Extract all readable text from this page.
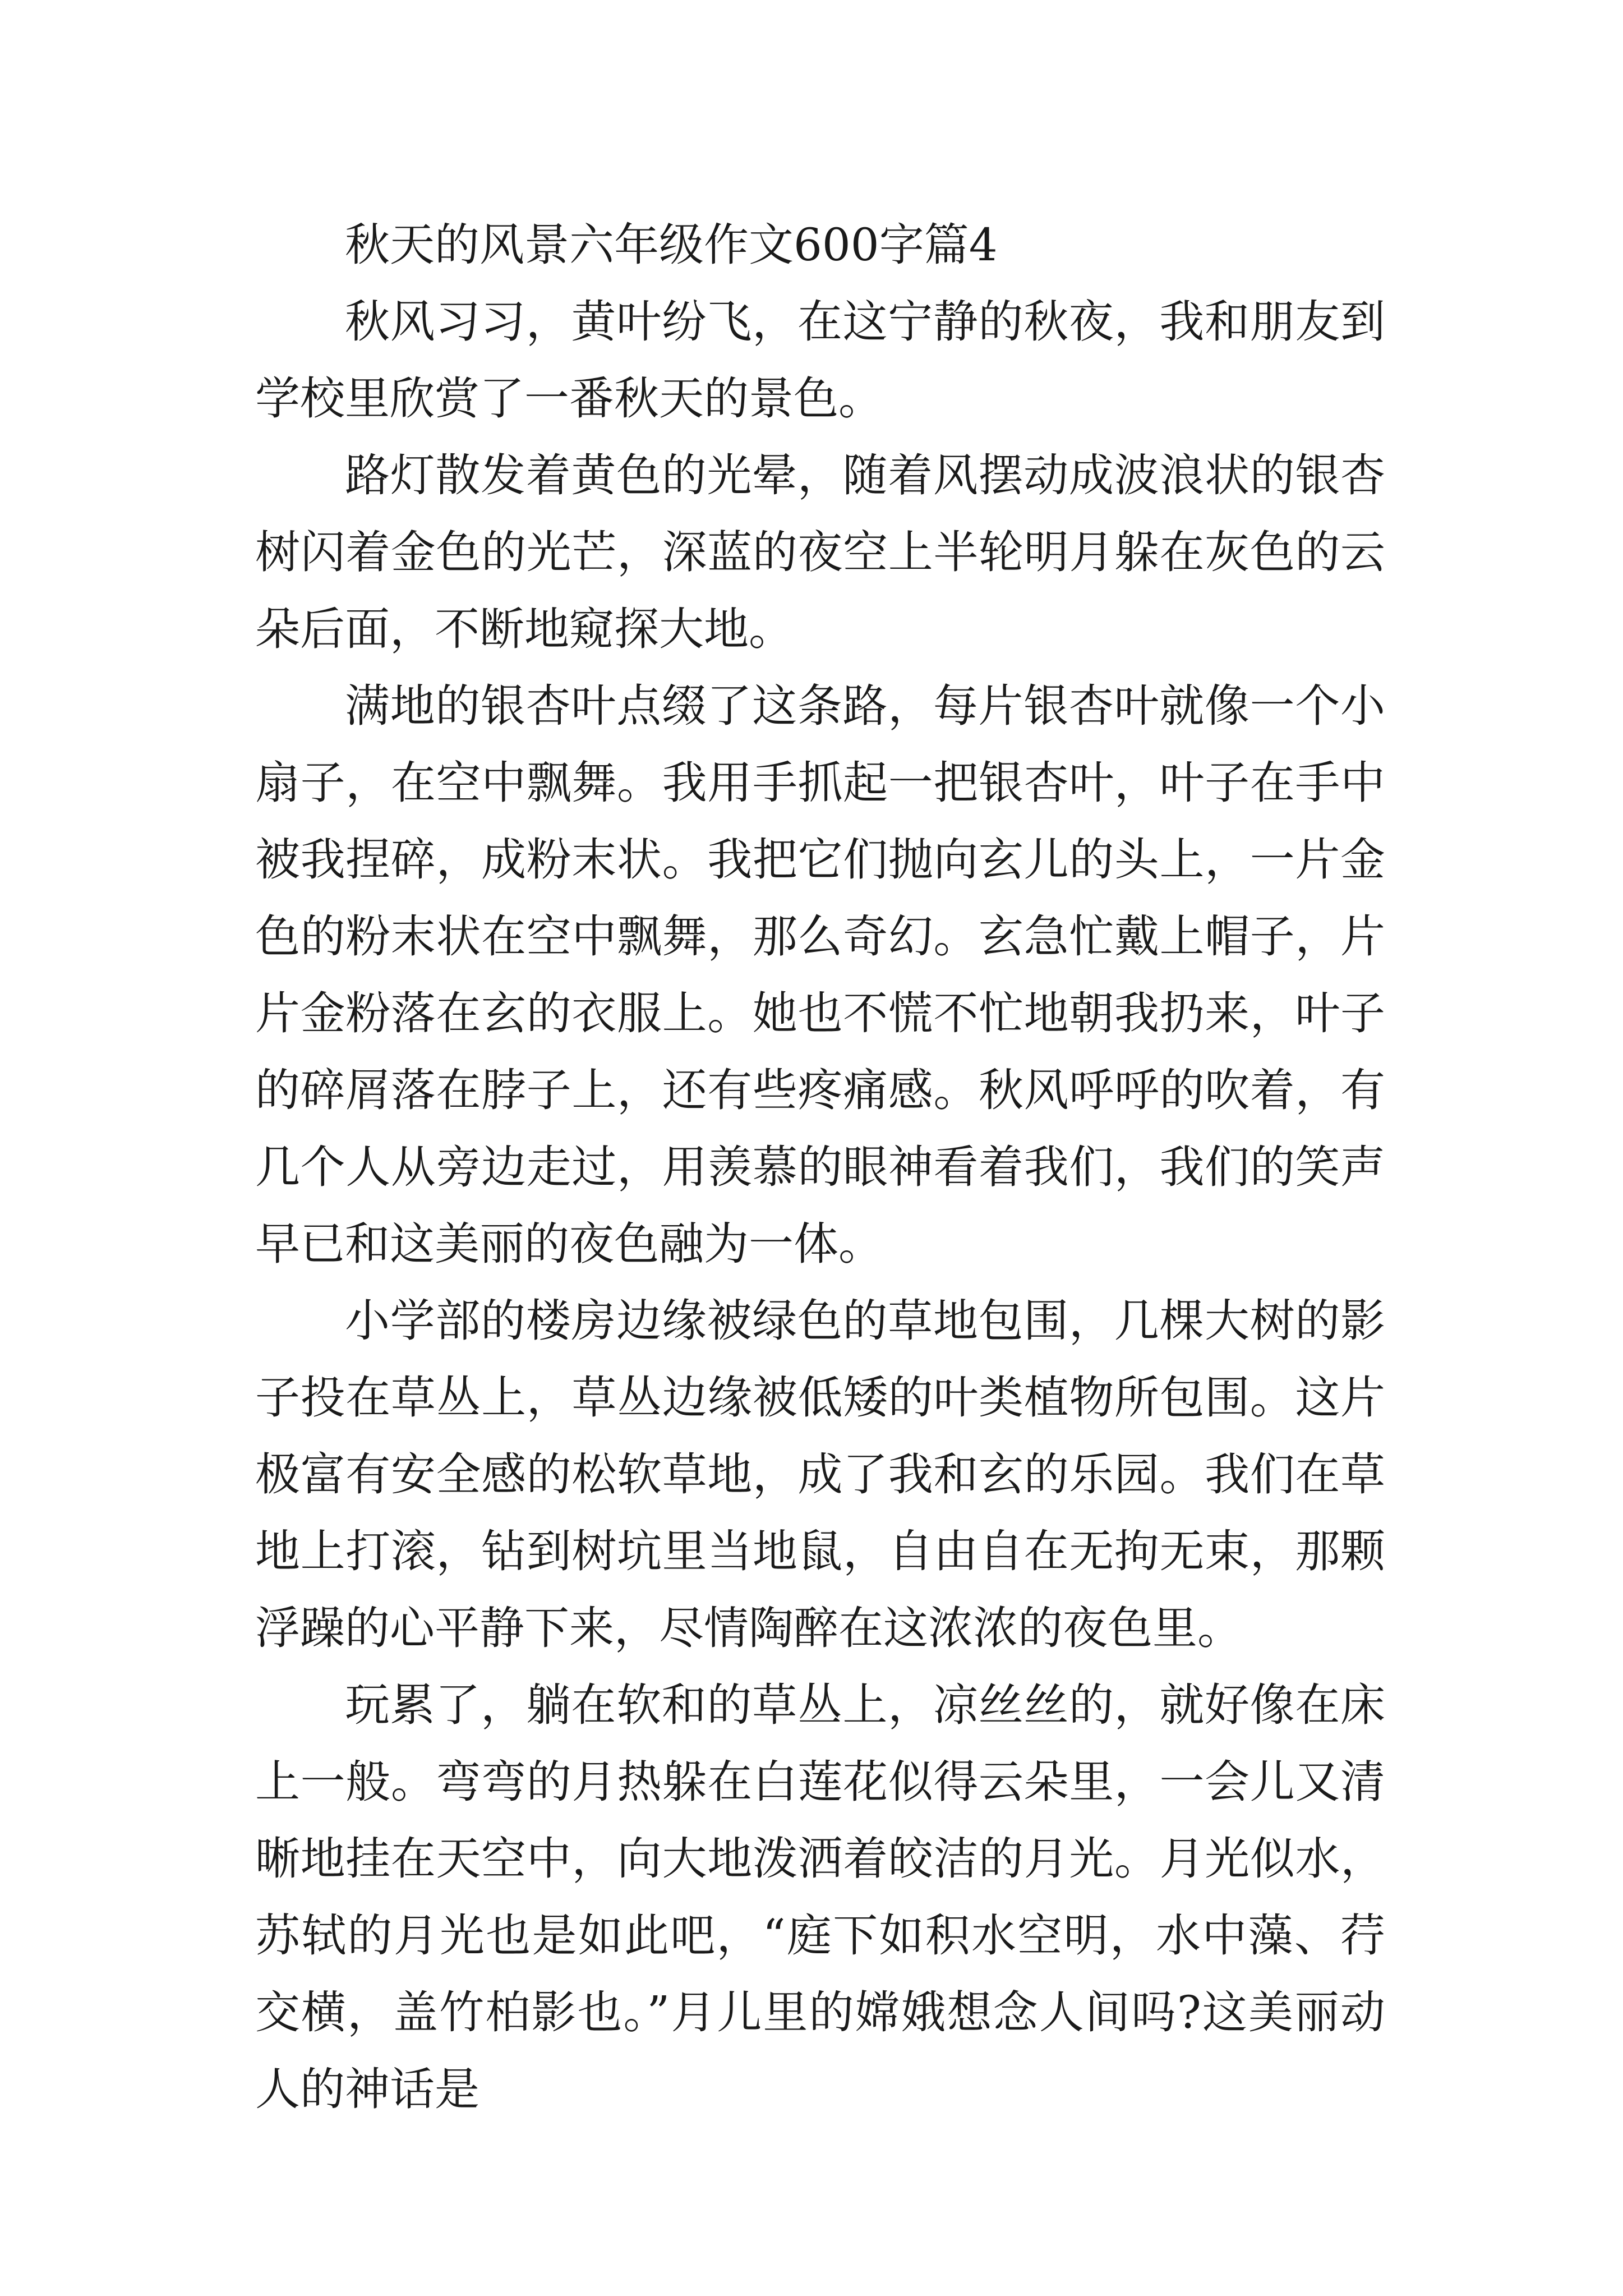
秋天的风景六年级作文600字篇4

秋风习习，黄叶纷飞，在这宁静的秋夜，我和朋友到学校里欣赏了一番秋天的景色。

路灯散发着黄色的光晕，随着风摆动成波浪状的银杏树闪着金色的光芒，深蓝的夜空上半轮明月躲在灰色的云朵后面，不断地窥探大地。

满地的银杏叶点缀了这条路，每片银杏叶就像一个小扇子，在空中飘舞。我用手抓起一把银杏叶，叶子在手中被我捏碎，成粉末状。我把它们抛向玄儿的头上，一片金色的粉末状在空中飘舞，那么奇幻。玄急忙戴上帽子，片片金粉落在玄的衣服上。她也不慌不忙地朝我扔来，叶子的碎屑落在脖子上，还有些疼痛感。秋风呼呼的吹着，有几个人从旁边走过，用羡慕的眼神看着我们，我们的笑声早已和这美丽的夜色融为一体。

小学部的楼房边缘被绿色的草地包围，几棵大树的影子投在草丛上，草丛边缘被低矮的叶类植物所包围。这片极富有安全感的松软草地，成了我和玄的乐园。我们在草地上打滚，钻到树坑里当地鼠，自由自在无拘无束，那颗浮躁的心平静下来，尽情陶醉在这浓浓的夜色里。

玩累了，躺在软和的草丛上，凉丝丝的，就好像在床上一般。弯弯的月热躲在白莲花似得云朵里，一会儿又清晰地挂在天空中，向大地泼洒着皎洁的月光。月光似水，苏轼的月光也是如此吧，“庭下如积水空明，水中藻、荇交横，盖竹柏影也。”月儿里的嫦娥想念人间吗?这美丽动人的神话是
